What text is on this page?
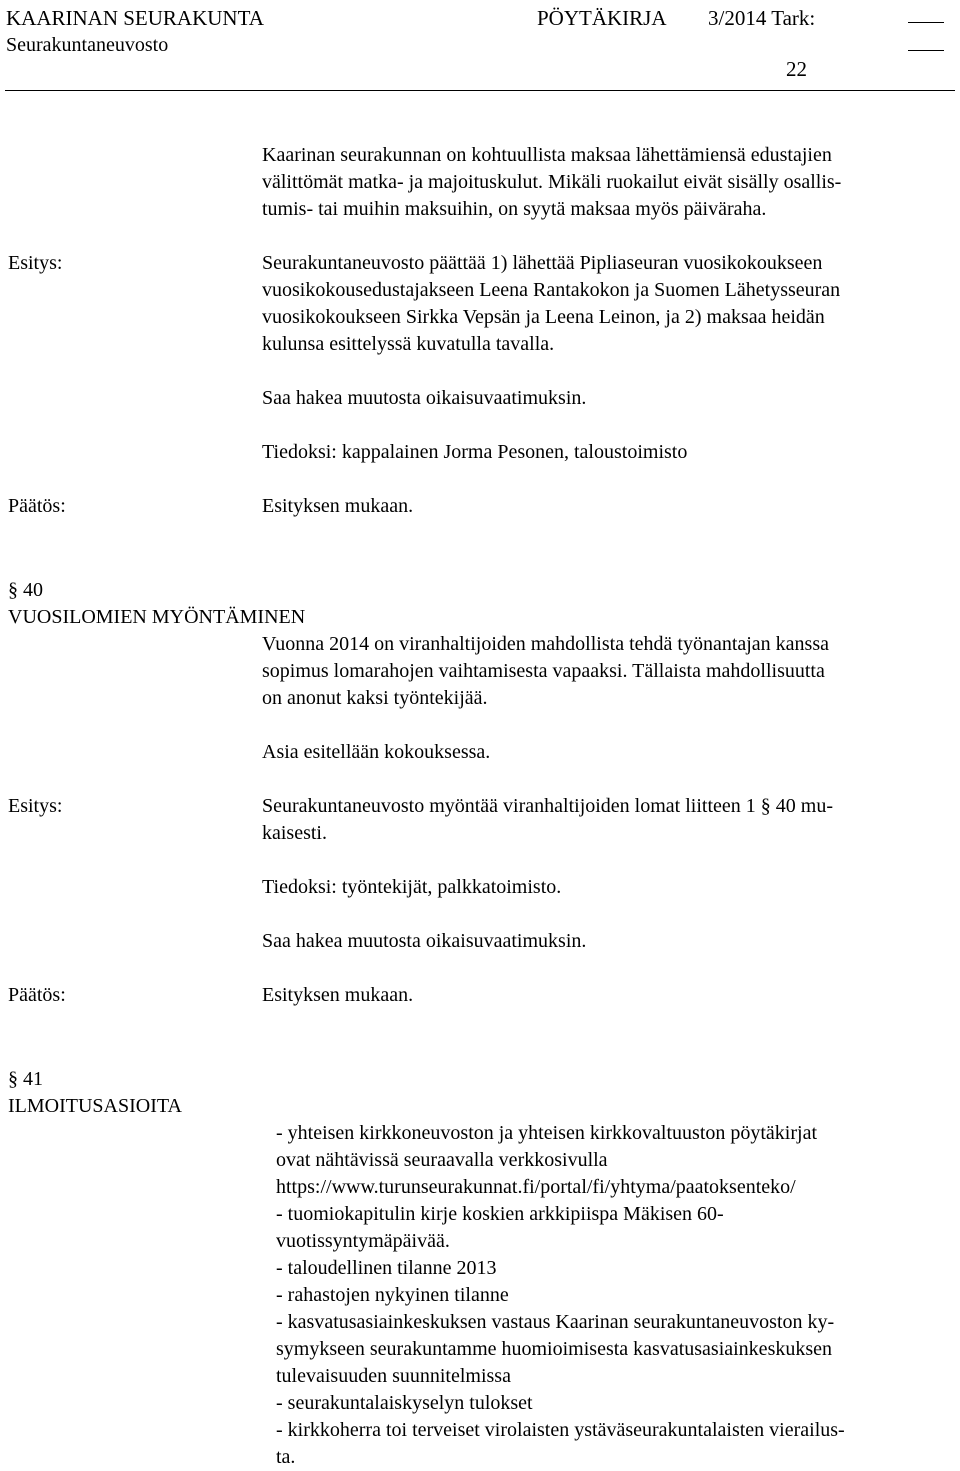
KAARINAN SEURAKUNTA	PÖYTÄKIRJA 3/2014 Tark:
Seurakuntaneuvosto
22
Kaarinan seurakunnan on kohtuullista maksaa lähettämiensä edustajien
välittömät matka- ja majoituskulut. Mikäli ruokailut eivät sisälly osallis-
tumis- tai muihin maksuihin, on syytä maksaa myös päiväraha.
Esitys:	Seurakuntaneuvosto päättää 1) lähettää Pipliaseuran vuosikokoukseen
vuosikokousedustajakseen Leena Rantakokon ja Suomen Lähetysseuran
vuosikokoukseen Sirkka Vepsän ja Leena Leinon, ja 2) maksaa heidän
kulunsa esittelyssä kuvatulla tavalla.
Saa hakea muutosta oikaisuvaatimuksin.
Tiedoksi: kappalainen Jorma Pesonen, taloustoimisto
Päätös:	Esityksen mukaan.
§ 40
VUOSILOMIEN MYÖNTÄMINEN
Vuonna 2014 on viranhaltijoiden mahdollista tehdä työnantajan kanssa
sopimus lomarahojen vaihtamisesta vapaaksi. Tällaista mahdollisuutta
on anonut kaksi työntekijää.
Asia esitellään kokouksessa.
Esitys:	Seurakuntaneuvosto myöntää viranhaltijoiden lomat liitteen 1 § 40 mu-
kaisesti.
Tiedoksi: työntekijät, palkkatoimisto.
Saa hakea muutosta oikaisuvaatimuksin.
Päätös:	Esityksen mukaan.
§ 41
ILMOITUSASIOITA
- yhteisen kirkkoneuvoston ja yhteisen kirkkovaltuuston pöytäkirjat
ovat nähtävissä seuraavalla verkkosivulla
https://www.turunseurakunnat.fi/portal/fi/yhtyma/paatoksenteko/
- tuomiokapitulin kirje koskien arkkipiispa Mäkisen 60-
vuotissyntymäpäivää.
- taloudellinen tilanne 2013
- rahastojen nykyinen tilanne
- kasvatusasiainkeskuksen vastaus Kaarinan seurakuntaneuvoston ky-
symykseen seurakuntamme huomioimisesta kasvatusasiainkeskuksen
tulevaisuuden suunnitelmissa
- seurakuntalaiskyselyn tulokset
- kirkkoherra toi terveiset virolaisten ystäväseurakuntalaisten vierailus-
ta.
